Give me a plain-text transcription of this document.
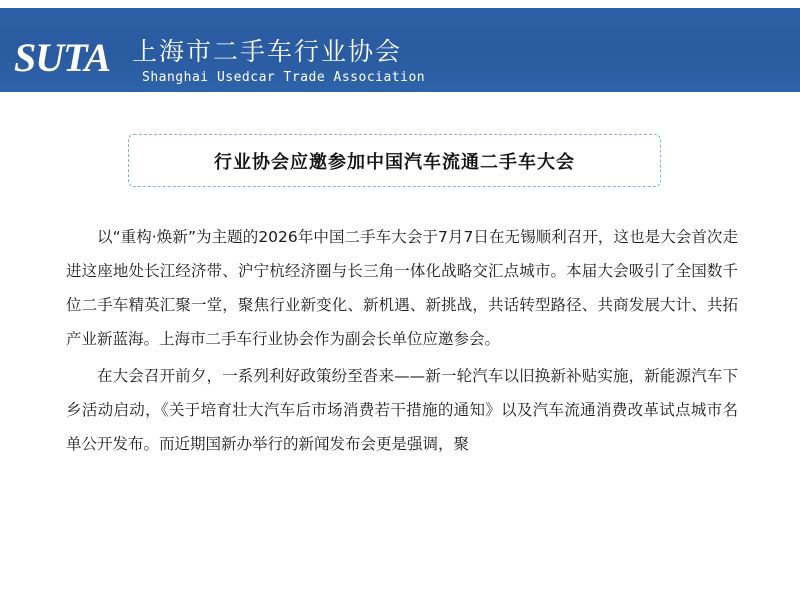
SUTA 上海市二手车行业协会
Shanghai Usedcar Trade Association
行业协会应邀参加中国汽车流通二手车大会

以“重构·焕新”为主题的2026年中国二手车大会于7月7日在无锡顺利召开，这也是大会首次走进这座地处长江经济带、沪宁杭经济圈与长三角一体化战略交汇点城市。本届大会吸引了全国数千位二手车精英汇聚一堂，聚焦行业新变化、新机遇、新挑战，共话转型路径、共商发展大计、共拓产业新蓝海。上海市二手车行业协会作为副会长单位应邀参会。

在大会召开前夕，一系列利好政策纷至沓来——新一轮汽车以旧换新补贴实施，新能源汽车下乡活动启动，《关于培育壮大汽车后市场消费若干措施的通知》以及汽车流通消费改革试点城市名单公开发布。而近期国新办举行的新闻发布会更是强调，聚
